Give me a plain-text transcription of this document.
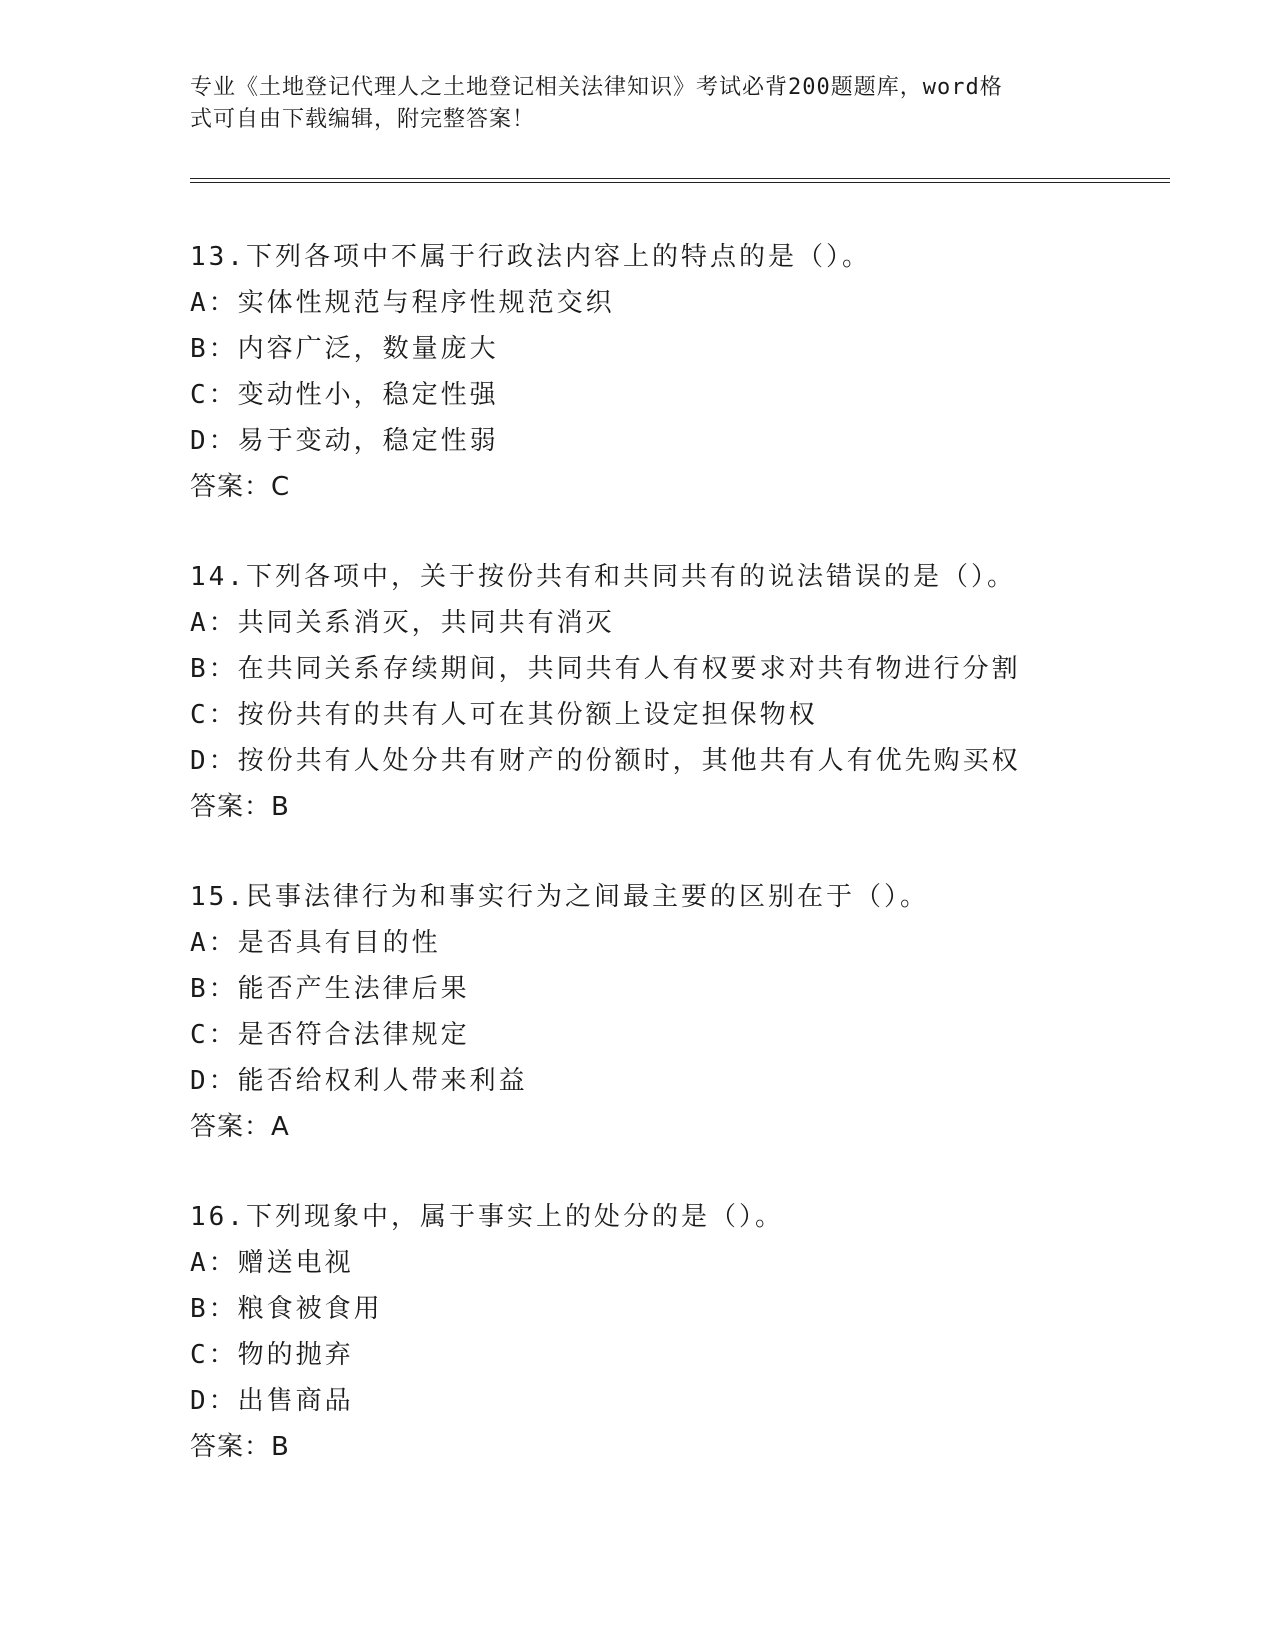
专业《土地登记代理人之土地登记相关法律知识》考试必背200题题库，word格
式可自由下载编辑，附完整答案！
13.下列各项中不属于行政法内容上的特点的是（）。
A：实体性规范与程序性规范交织
B：内容广泛，数量庞大
C：变动性小，稳定性强
D：易于变动，稳定性弱
答案：C
14.下列各项中，关于按份共有和共同共有的说法错误的是（）。
A：共同关系消灭，共同共有消灭
B：在共同关系存续期间，共同共有人有权要求对共有物进行分割
C：按份共有的共有人可在其份额上设定担保物权
D：按份共有人处分共有财产的份额时，其他共有人有优先购买权
答案：B
15.民事法律行为和事实行为之间最主要的区别在于（）。
A：是否具有目的性
B：能否产生法律后果
C：是否符合法律规定
D：能否给权利人带来利益
答案：A
16.下列现象中，属于事实上的处分的是（）。
A：赠送电视
B：粮食被食用
C：物的抛弃
D：出售商品
答案：B
